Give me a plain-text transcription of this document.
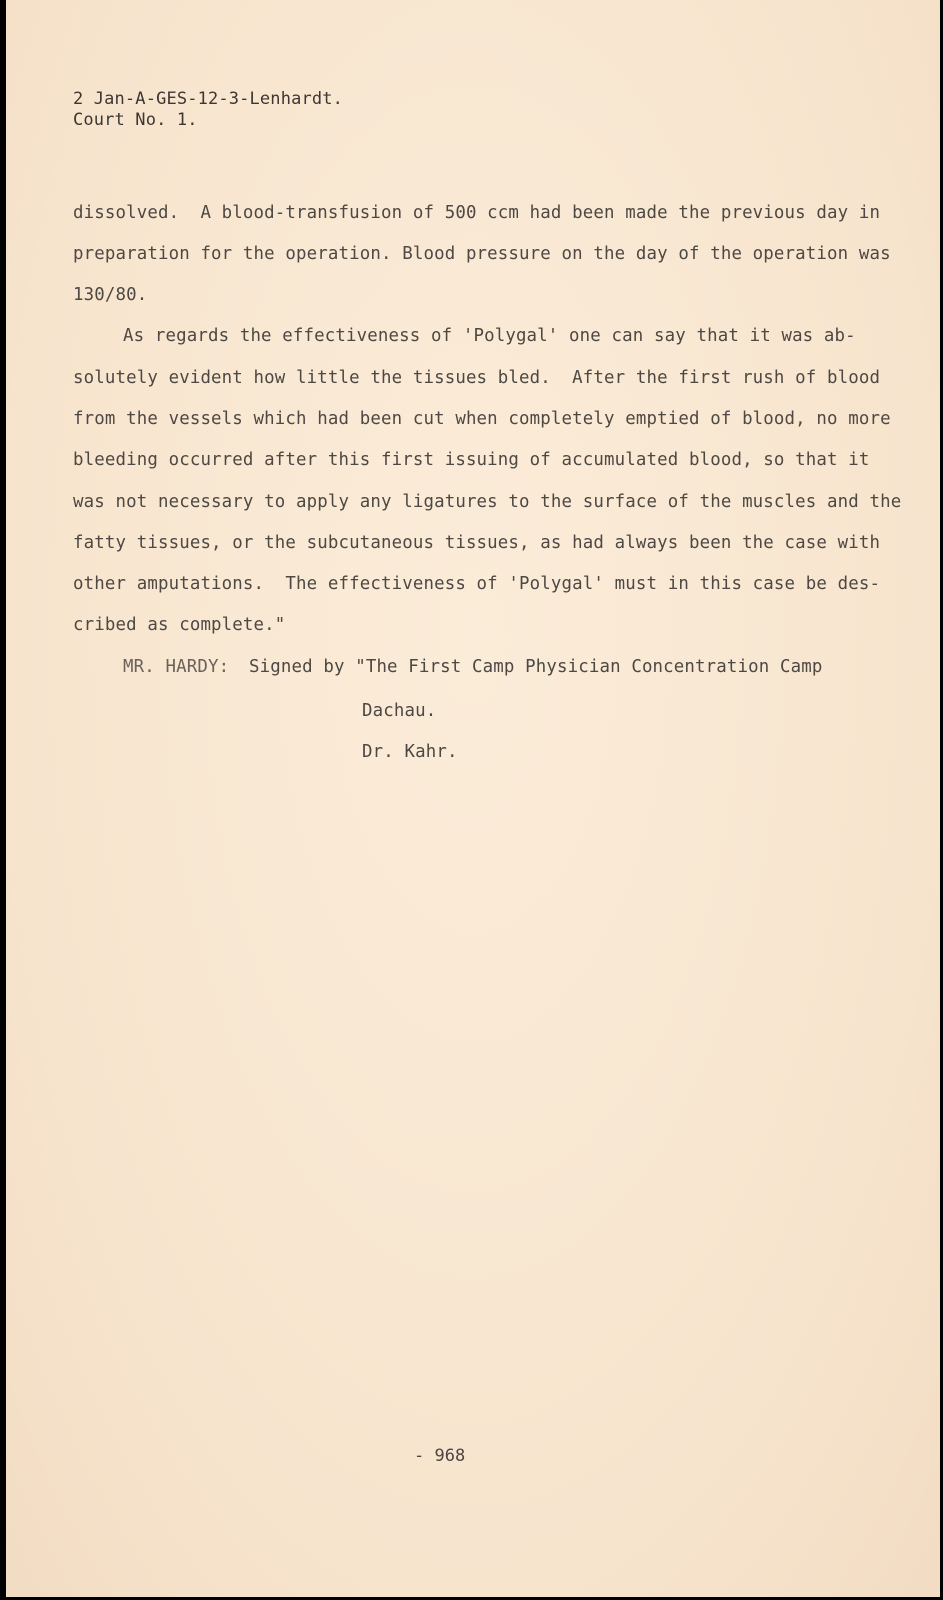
2 Jan-A-GES-12-3-Lenhardt.
Court No. 1.
dissolved.  A blood-transfusion of 500 ccm had been made the previous day in
preparation for the operation. Blood pressure on the day of the operation was
130/80.
As regards the effectiveness of 'Polygal' one can say that it was ab-
solutely evident how little the tissues bled.  After the first rush of blood
from the vessels which had been cut when completely emptied of blood, no more
bleeding occurred after this first issuing of accumulated blood, so that it
was not necessary to apply any ligatures to the surface of the muscles and the
fatty tissues, or the subcutaneous tissues, as had always been the case with
other amputations.  The effectiveness of 'Polygal' must in this case be des-
cribed as complete."
MR. HARDY: Signed by "The First Camp Physician Concentration Camp
Dachau.
Dr. Kahr.
- 968
